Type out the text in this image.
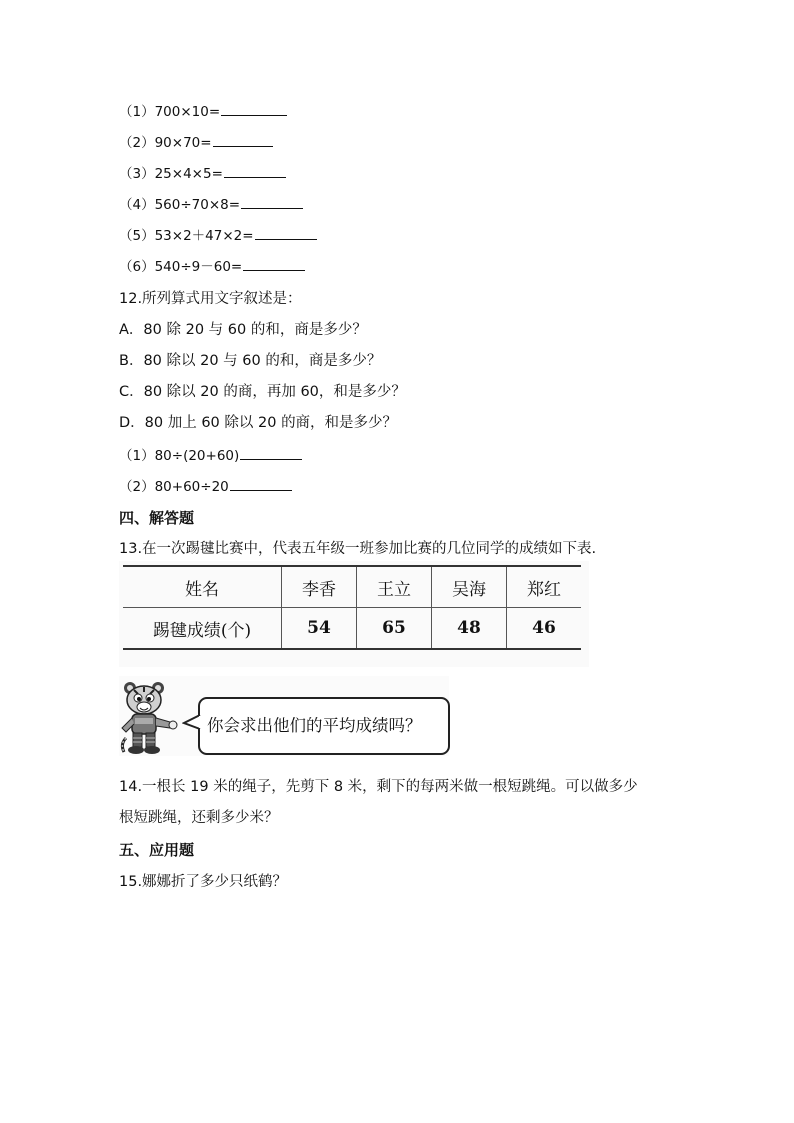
（1）700×10=
（2）90×70=
（3）25×4×5=
（4）560÷70×8=
（5）53×2＋47×2=
（6）540÷9－60=
12.所列算式用文字叙述是：
A．80 除 20 与 60 的和，商是多少？
B．80 除以 20 与 60 的和，商是多少？
C．80 除以 20 的商，再加 60，和是多少？
D．80 加上 60 除以 20 的商，和是多少？
（1）80÷(20+60)
（2）80+60÷20
四、解答题
13.在一次踢毽比赛中，代表五年级一班参加比赛的几位同学的成绩如下表.
姓名	李香	王立	吴海	郑红
踢毽成绩(个)	54	65	48	46
你会求出他们的平均成绩吗？
14.一根长 19 米的绳子，先剪下 8 米，剩下的每两米做一根短跳绳。可以做多少
根短跳绳，还剩多少米？
五、应用题
15.娜娜折了多少只纸鹤？
